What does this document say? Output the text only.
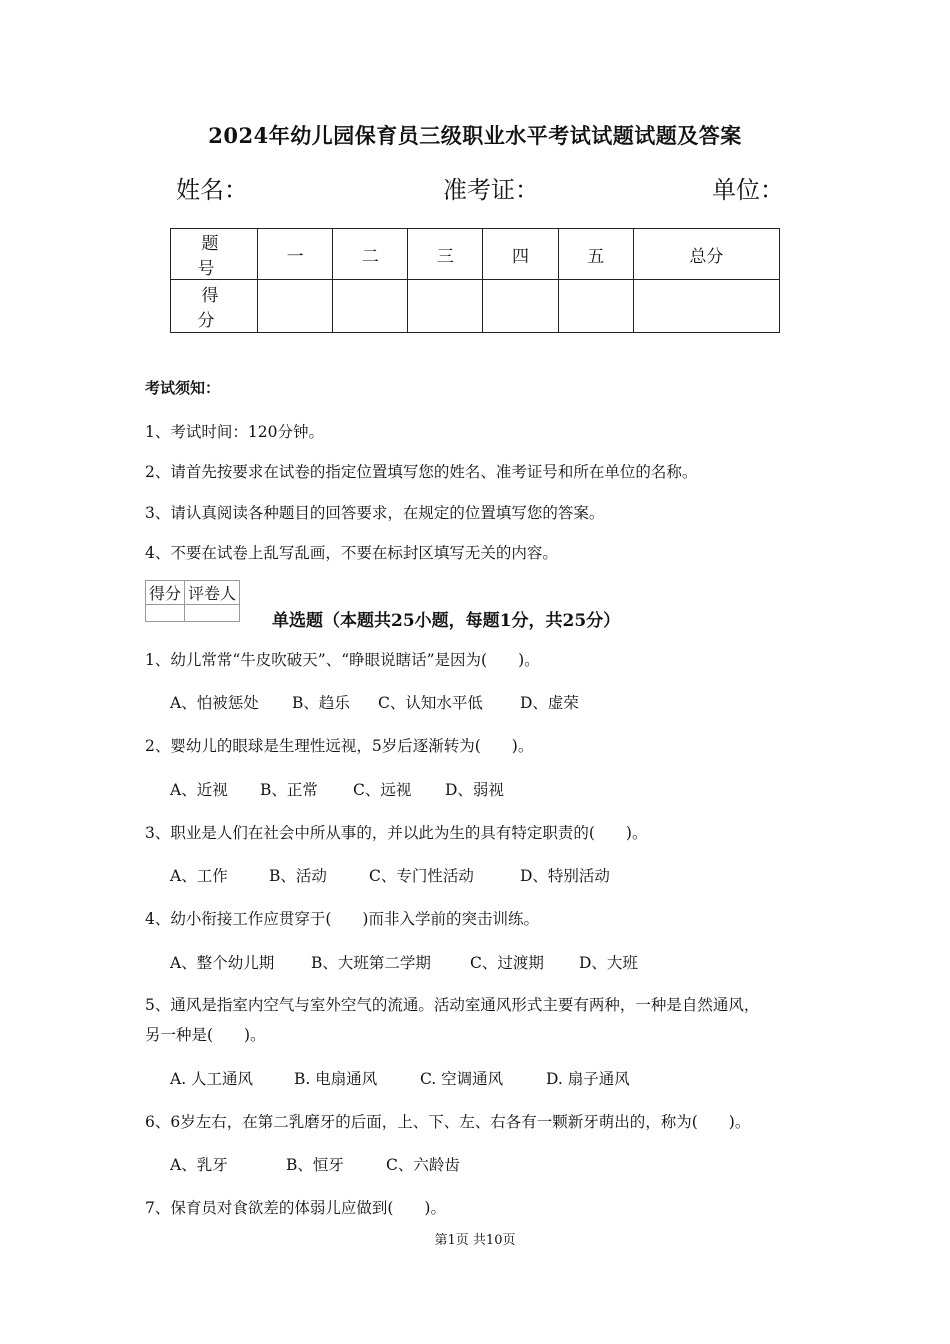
2024年幼儿园保育员三级职业水平考试试题试题及答案
姓名：	准考证：	单位：
题　号	一	二	三	四	五	总分
得　分						
考试须知：
1、考试时间：120分钟。
2、请首先按要求在试卷的指定位置填写您的姓名、准考证号和所在单位的名称。
3、请认真阅读各种题目的回答要求，在规定的位置填写您的答案。
4、不要在试卷上乱写乱画，不要在标封区填写无关的内容。
得分	评卷人

单选题（本题共25小题，每题1分，共25分）
1、幼儿常常“牛皮吹破天”、“睁眼说瞎话”是因为(　　)。
A、怕被惩处 B、趋乐 C、认知水平低 D、虚荣
2、婴幼儿的眼球是生理性远视，5岁后逐渐转为(　　)。
A、近视 B、正常 C、远视 D、弱视
3、职业是人们在社会中所从事的，并以此为生的具有特定职责的(　　)。
A、工作	B、活动	C、专门性活动	D、特别活动
4、幼小衔接工作应贯穿于(　　)而非入学前的突击训练。
A、整个幼儿期 B、大班第二学期	C、过渡期 D、大班
5、通风是指室内空气与室外空气的流通。活动室通风形式主要有两种，一种是自然通风，
另一种是(　　)。
A. 人工通风	B. 电扇通风	C. 空调通风	D. 扇子通风
6、6岁左右，在第二乳磨牙的后面，上、下、左、右各有一颗新牙萌出的，称为(　　)。
A、乳牙	B、恒牙	C、六龄齿
7、保育员对食欲差的体弱儿应做到(　　)。
第1页 共10页
